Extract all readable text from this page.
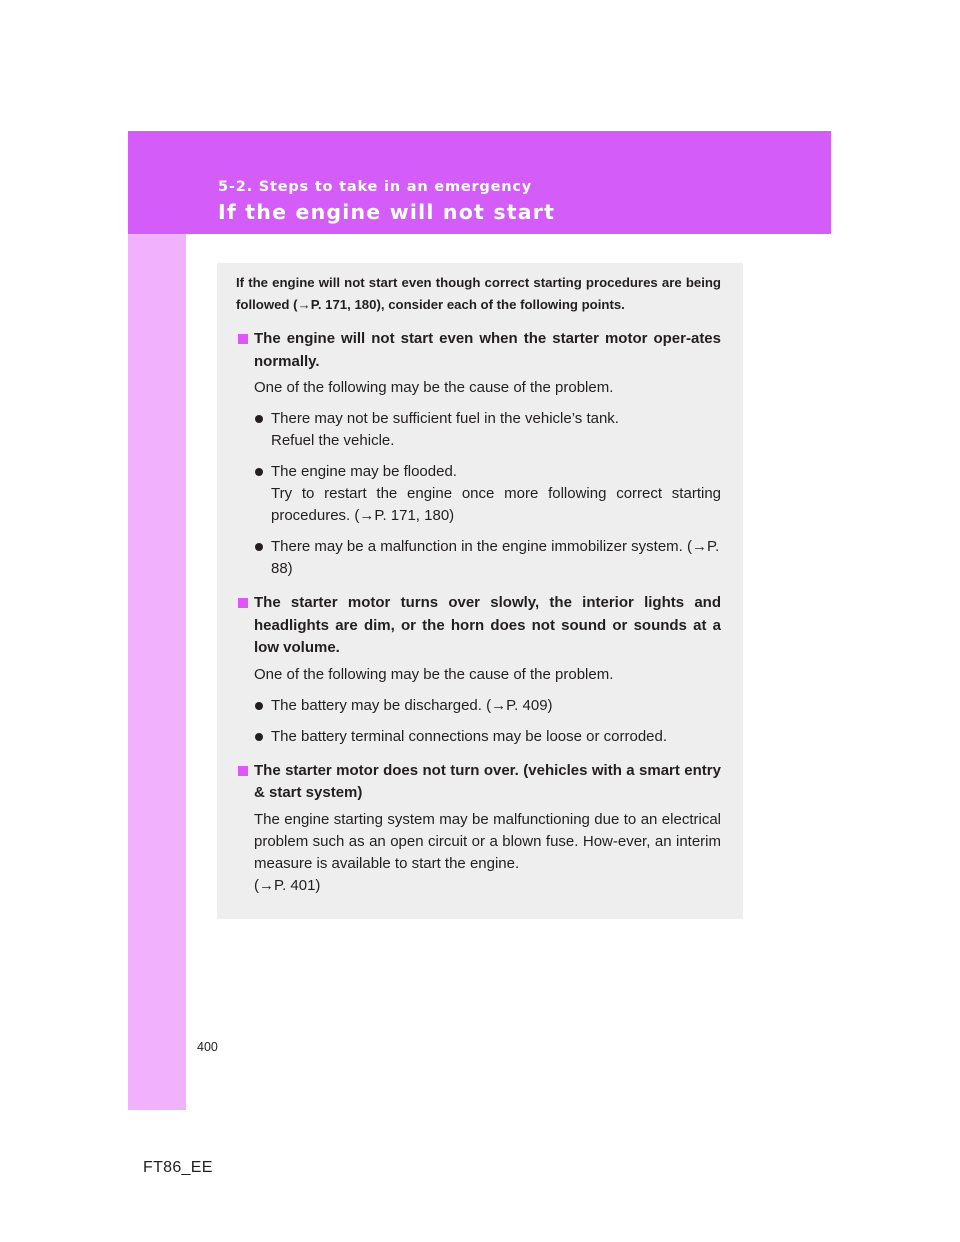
5-2. Steps to take in an emergency
If the engine will not start

If the engine will not start even though correct starting procedures are being followed (→P. 171, 180), consider each of the following points.

The engine will not start even when the starter motor oper-ates normally.

One of the following may be the cause of the problem.

There may not be sufficient fuel in the vehicle’s tank.
Refuel the vehicle.
The engine may be flooded.
Try to restart the engine once more following correct starting procedures. (→P. 171, 180)
There may be a malfunction in the engine immobilizer system. (→P. 88)

The starter motor turns over slowly, the interior lights and headlights are dim, or the horn does not sound or sounds at a low volume.

One of the following may be the cause of the problem.

The battery may be discharged. (→P. 409)
The battery terminal connections may be loose or corroded.

The starter motor does not turn over. (vehicles with a smart entry & start system)

The engine starting system may be malfunctioning due to an electrical problem such as an open circuit or a blown fuse. How-ever, an interim measure is available to start the engine.

(→P. 401)

400
FT86_EE
